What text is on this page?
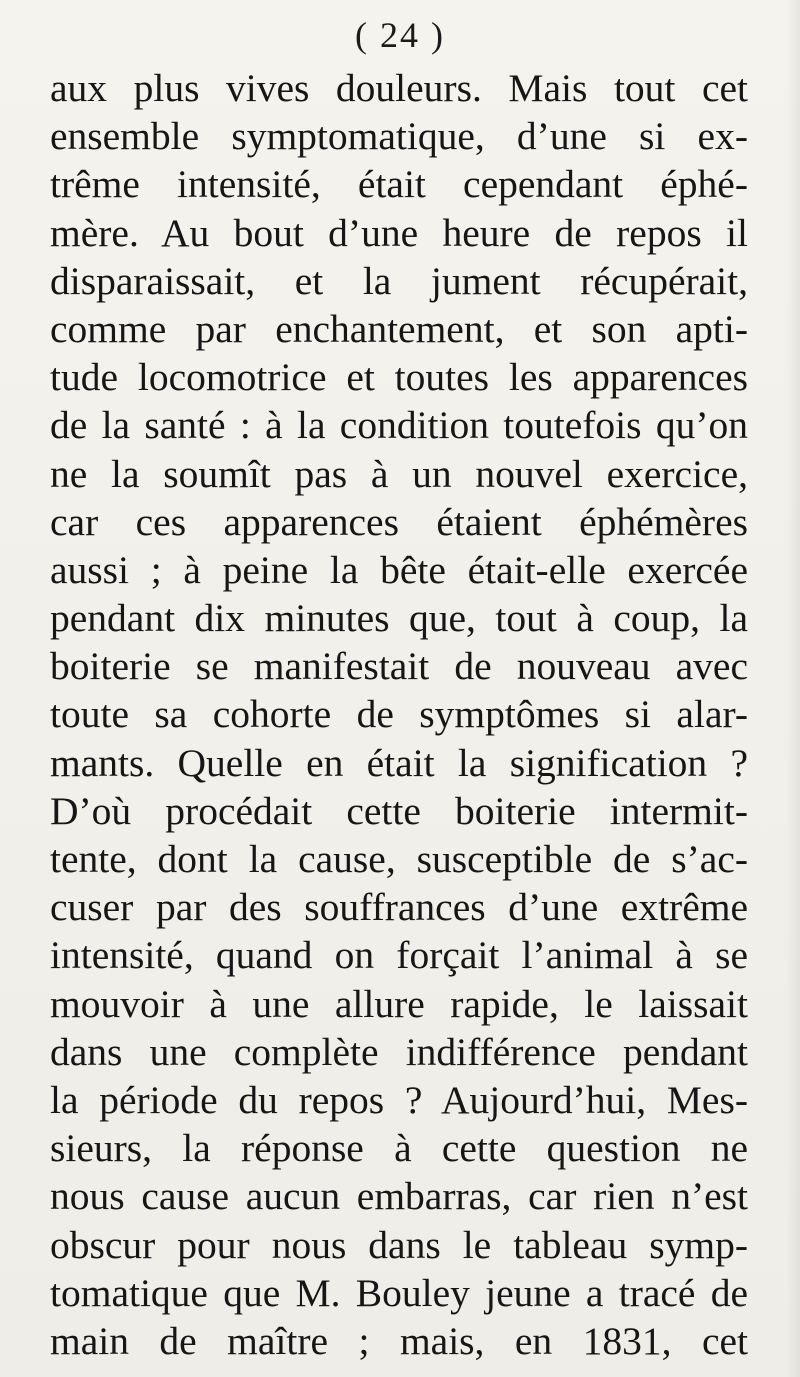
( 24 )
aux plus vives douleurs. Mais tout cet
ensemble symptomatique, d’une si ex-
trême intensité, était cependant éphé-
mère. Au bout d’une heure de repos il
disparaissait, et la jument récupérait,
comme par enchantement, et son apti-
tude locomotrice et toutes les apparences
de la santé : à la condition toutefois qu’on
ne la soumît pas à un nouvel exercice,
car ces apparences étaient éphémères
aussi ; à peine la bête était-elle exercée
pendant dix minutes que, tout à coup, la
boiterie se manifestait de nouveau avec
toute sa cohorte de symptômes si alar-
mants. Quelle en était la signification ?
D’où procédait cette boiterie intermit-
tente, dont la cause, susceptible de s’ac-
cuser par des souffrances d’une extrême
intensité, quand on forçait l’animal à se
mouvoir à une allure rapide, le laissait
dans une complète indifférence pendant
la période du repos ? Aujourd’hui, Mes-
sieurs, la réponse à cette question ne
nous cause aucun embarras, car rien n’est
obscur pour nous dans le tableau symp-
tomatique que M. Bouley jeune a tracé de
main de maître ; mais, en 1831, cet
